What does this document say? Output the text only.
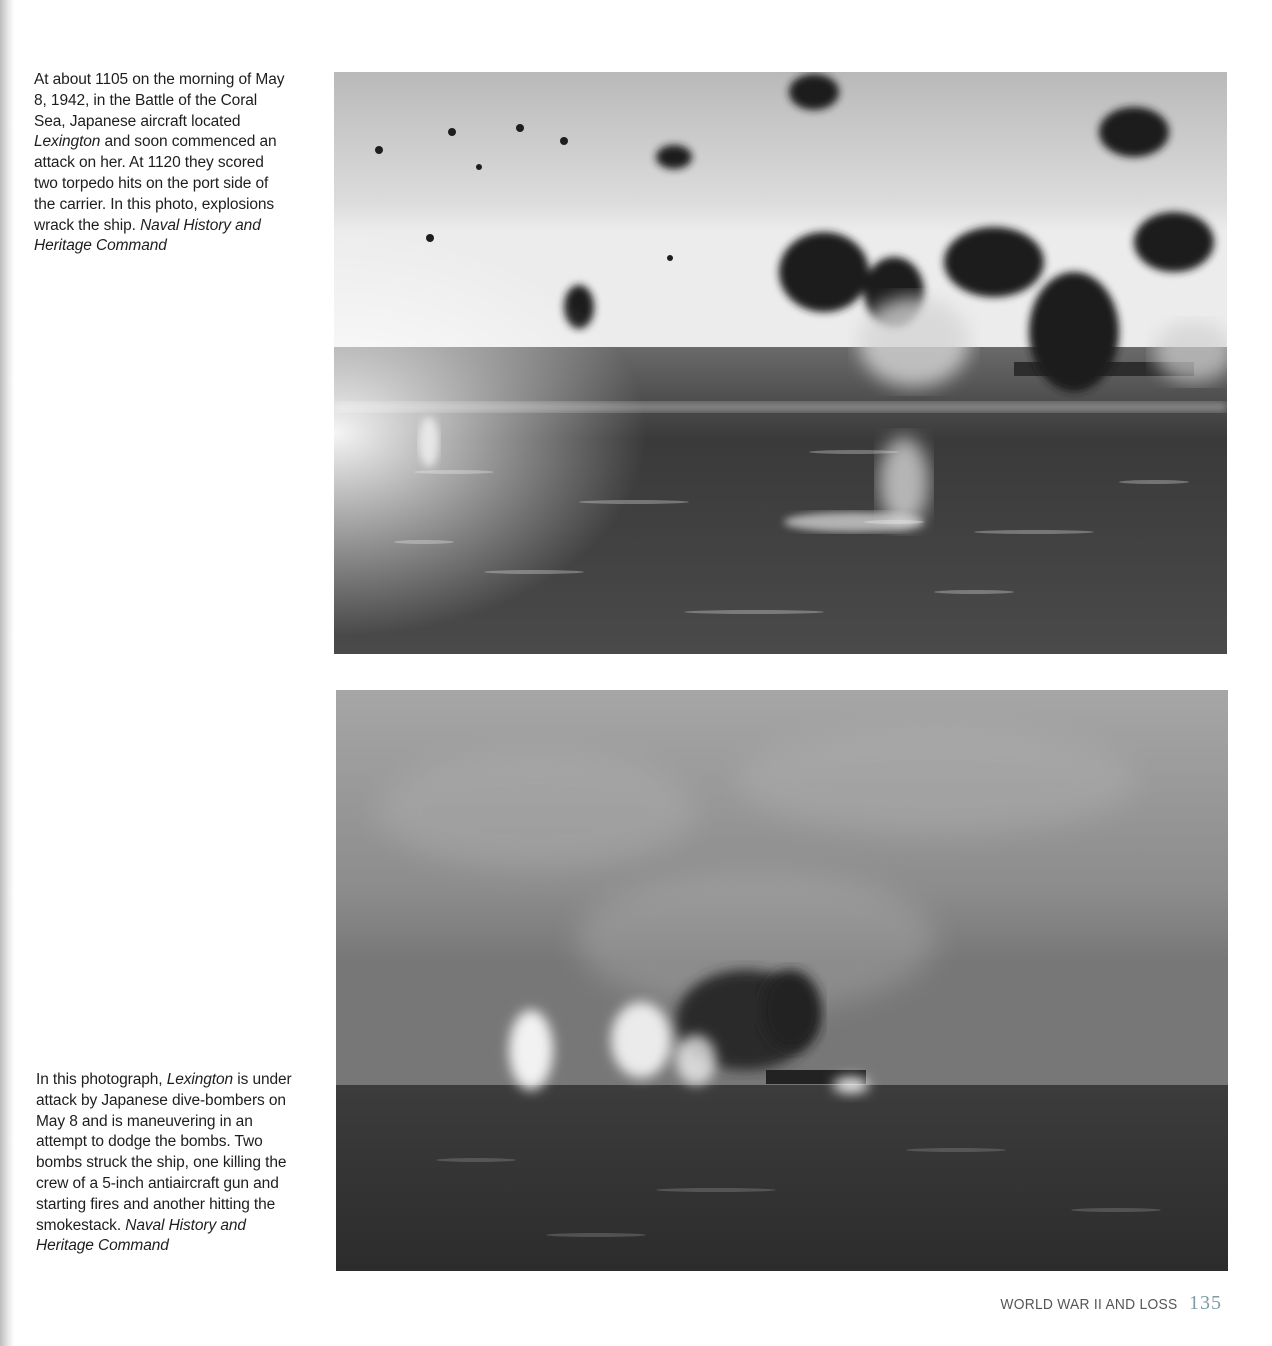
At about 1105 on the morning of May 8, 1942, in the Battle of the Coral Sea, Japanese aircraft located Lexington and soon commenced an attack on her. At 1120 they scored two torpedo hits on the port side of the carrier. In this photo, explosions wrack the ship. Naval History and Heritage Command
In this photograph, Lexington is under attack by Japanese dive-bombers on May 8 and is maneuvering in an attempt to dodge the bombs. Two bombs struck the ship, one killing the crew of a 5-inch antiaircraft gun and starting fires and another hitting the smokestack. Naval History and Heritage Command
WORLD WAR II AND LOSS 135
